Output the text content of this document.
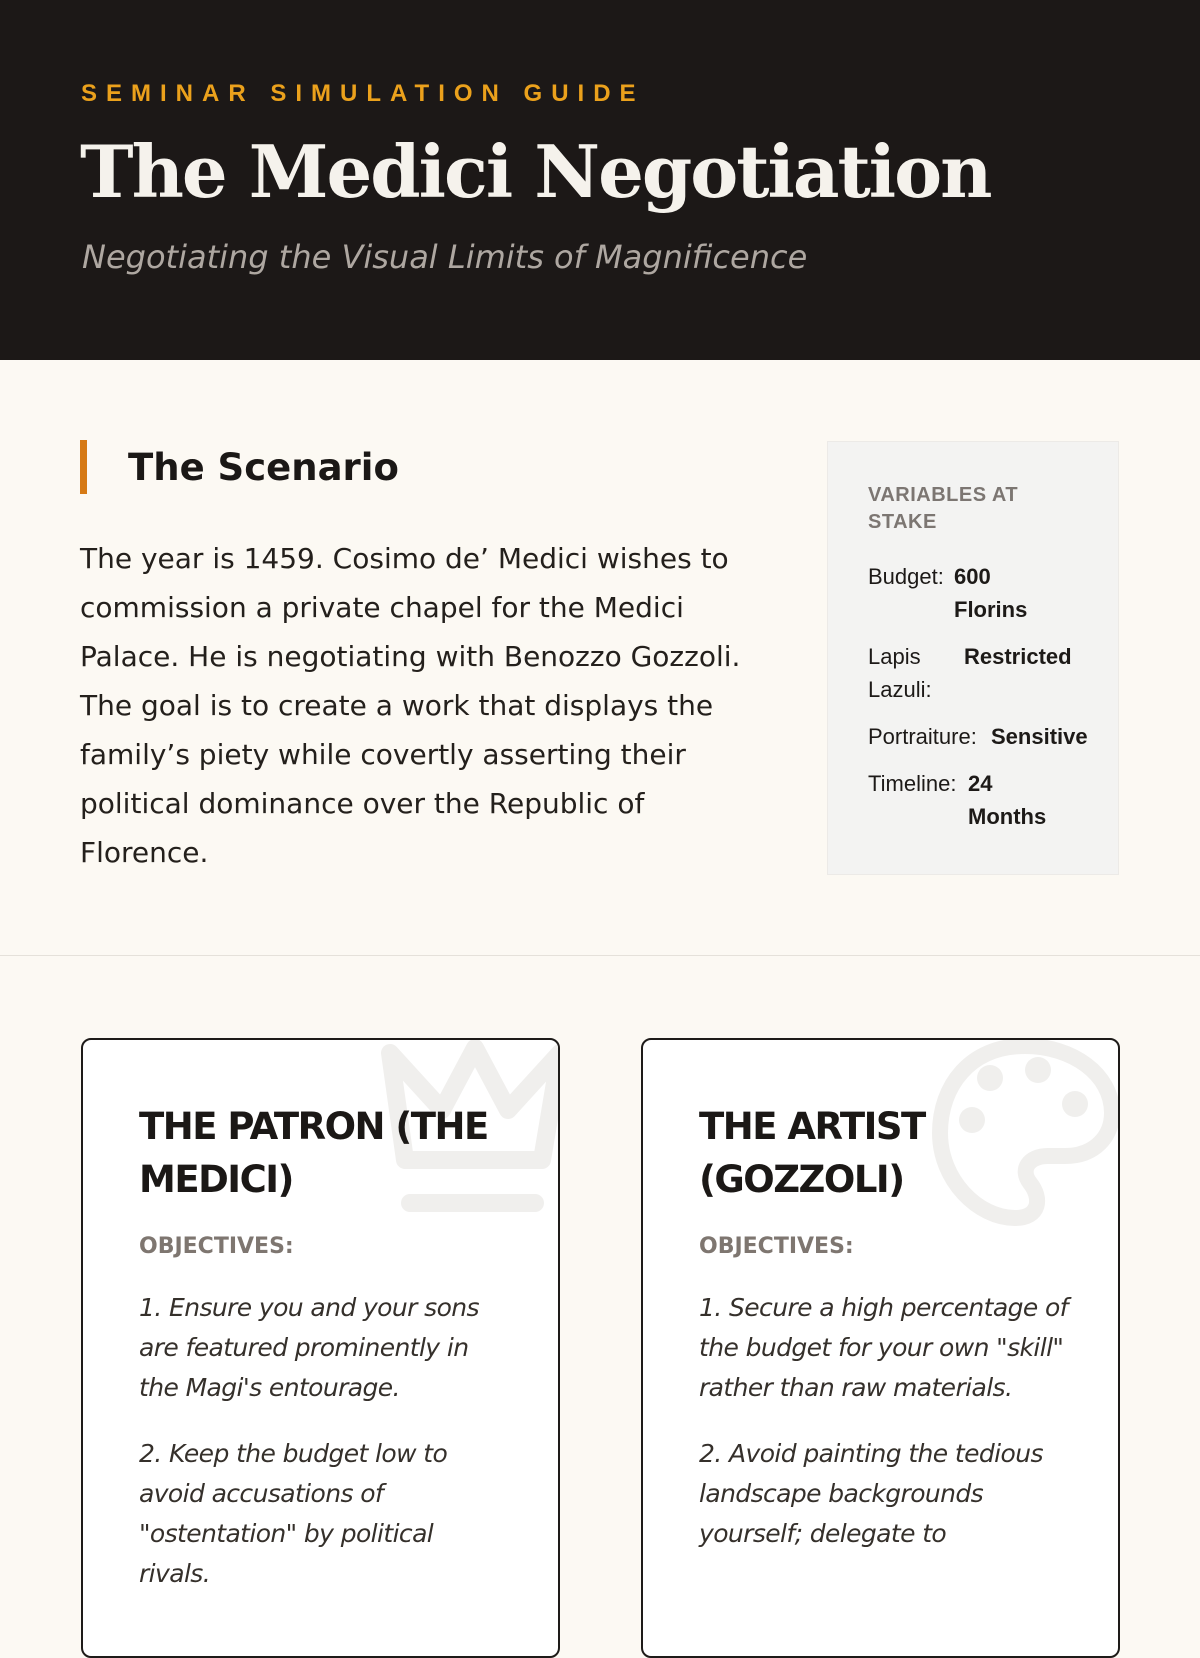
SEMINAR SIMULATION GUIDE
The Medici Negotiation
Negotiating the Visual Limits of Magnificence
The Scenario

The year is 1459. Cosimo de’ Medici wishes to commission a private chapel for the Medici Palace. He is negotiating with Benozzo Gozzoli. The goal is to create a work that displays the family’s piety while covertly asserting their political dominance over the Republic of Florence.

VARIABLES AT STAKE
Budget: 600 Florins
Lapis Lazuli:
Restricted
Portraiture: Sensitive
Timeline: 24 Months
THE PATRON (THE MEDICI)
OBJECTIVES:
1. Ensure you and your sons are featured prominently in the Magi's entourage.
2. Keep the budget low to avoid accusations of "ostentation" by political rivals.
THE ARTIST (GOZZOLI)
OBJECTIVES:
1. Secure a high percentage of the budget for your own "skill" rather than raw materials.
2. Avoid painting the tedious landscape backgrounds yourself; delegate to
